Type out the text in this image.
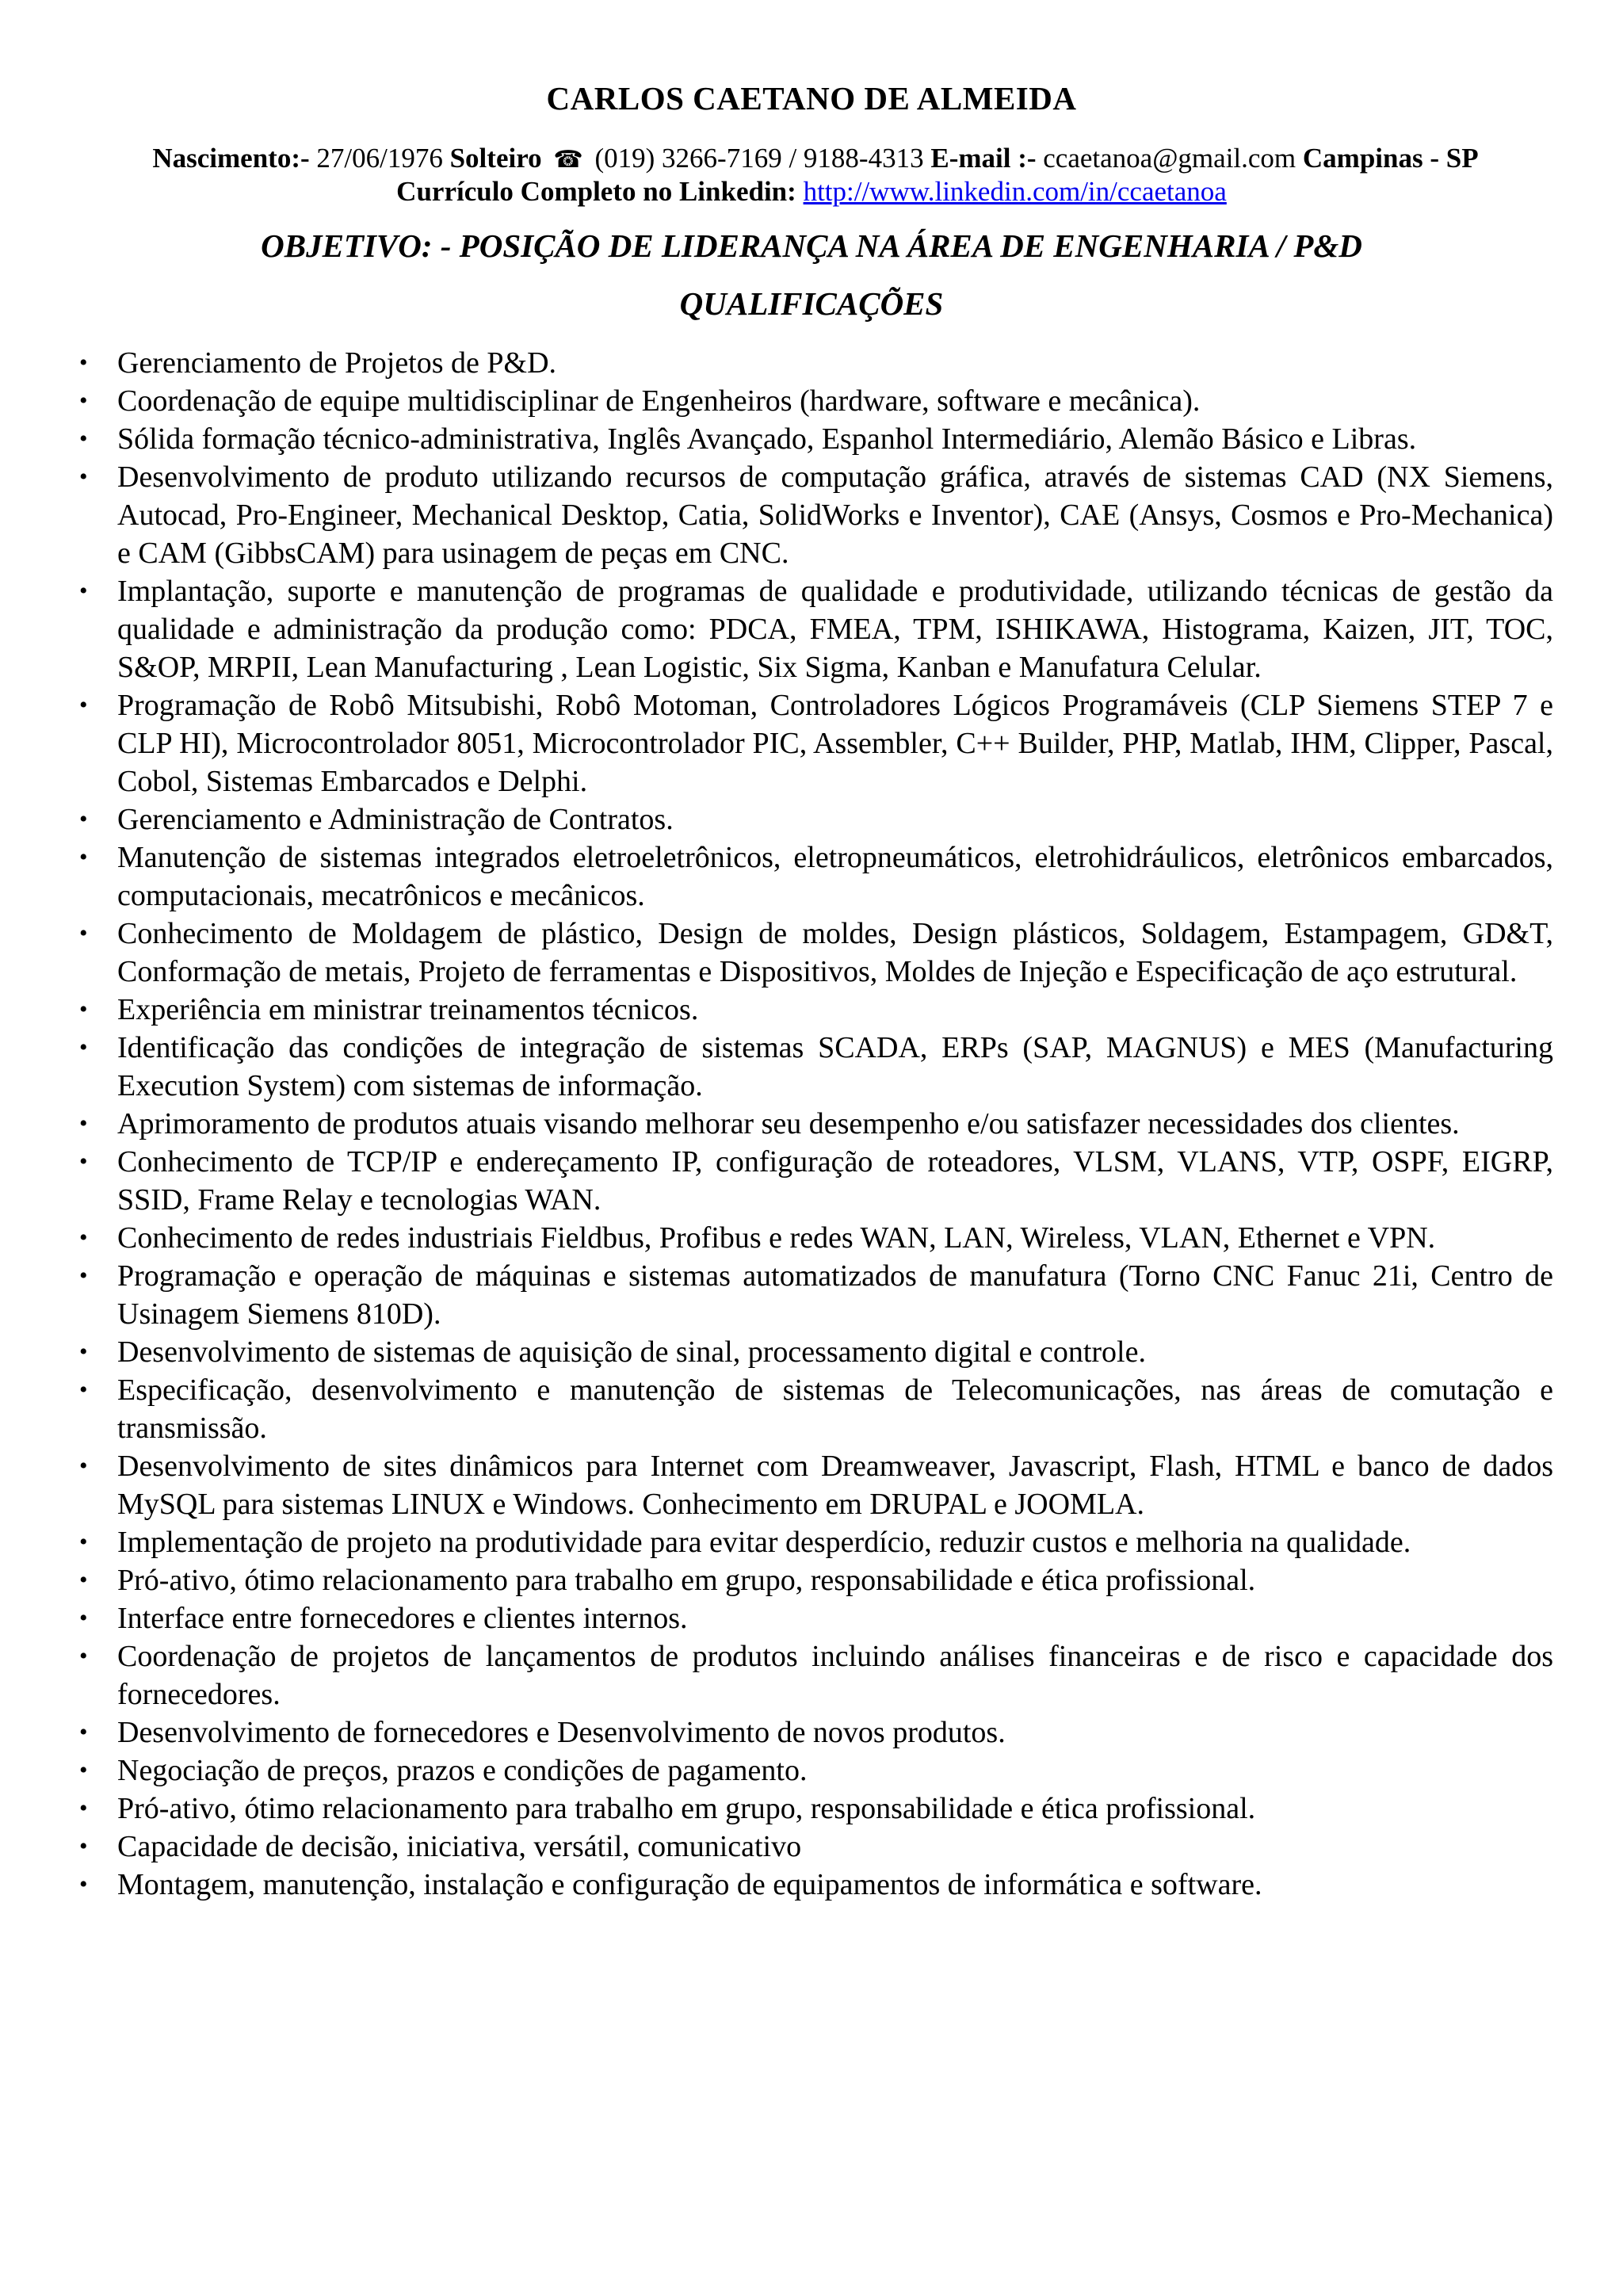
CARLOS CAETANO DE ALMEIDA
Nascimento:- 27/06/1976 Solteiro ☎ (019) 3266-7169 / 9188-4313 E-mail :- ccaetanoa@gmail.com Campinas - SP
Currículo Completo no Linkedin: http://www.linkedin.com/in/ccaetanoa
OBJETIVO: - POSIÇÃO DE LIDERANÇA NA ÁREA DE ENGENHARIA / P&D
QUALIFICAÇÕES
• Gerenciamento de Projetos de P&D.
• Coordenação de equipe multidisciplinar de Engenheiros (hardware, software e mecânica).
• Sólida formação técnico-administrativa, Inglês Avançado, Espanhol Intermediário, Alemão Básico e Libras.
• Desenvolvimento de produto utilizando recursos de computação gráfica, através de sistemas CAD (NX Siemens, Autocad, Pro-Engineer, Mechanical Desktop, Catia, SolidWorks e Inventor), CAE (Ansys, Cosmos e Pro-Mechanica) e CAM (GibbsCAM) para usinagem de peças em CNC.
• Implantação, suporte e manutenção de programas de qualidade e produtividade, utilizando técnicas de gestão da qualidade e administração da produção como: PDCA, FMEA, TPM, ISHIKAWA, Histograma, Kaizen, JIT, TOC, S&OP, MRPII, Lean Manufacturing , Lean Logistic, Six Sigma, Kanban e Manufatura Celular.
• Programação de Robô Mitsubishi, Robô Motoman, Controladores Lógicos Programáveis (CLP Siemens STEP 7 e CLP HI), Microcontrolador 8051, Microcontrolador PIC, Assembler, C++ Builder, PHP, Matlab, IHM, Clipper, Pascal, Cobol, Sistemas Embarcados e Delphi.
• Gerenciamento e Administração de Contratos.
• Manutenção de sistemas integrados eletroeletrônicos, eletropneumáticos, eletrohidráulicos, eletrônicos embarcados, computacionais, mecatrônicos e mecânicos.
• Conhecimento de Moldagem de plástico, Design de moldes, Design plásticos, Soldagem, Estampagem, GD&T, Conformação de metais, Projeto de ferramentas e Dispositivos, Moldes de Injeção e Especificação de aço estrutural.
• Experiência em ministrar treinamentos técnicos.
• Identificação das condições de integração de sistemas SCADA, ERPs (SAP, MAGNUS) e MES (Manufacturing Execution System) com sistemas de informação.
• Aprimoramento de produtos atuais visando melhorar seu desempenho e/ou satisfazer necessidades dos clientes.
• Conhecimento de TCP/IP e endereçamento IP, configuração de roteadores, VLSM, VLANS, VTP, OSPF, EIGRP, SSID, Frame Relay e tecnologias WAN.
• Conhecimento de redes industriais Fieldbus, Profibus e redes WAN, LAN, Wireless, VLAN, Ethernet e VPN.
• Programação e operação de máquinas e sistemas automatizados de manufatura (Torno CNC Fanuc 21i, Centro de Usinagem Siemens 810D).
• Desenvolvimento de sistemas de aquisição de sinal, processamento digital e controle.
• Especificação, desenvolvimento e manutenção de sistemas de Telecomunicações, nas áreas de comutação e transmissão.
• Desenvolvimento de sites dinâmicos para Internet com Dreamweaver, Javascript, Flash, HTML e banco de dados MySQL para sistemas LINUX e Windows. Conhecimento em DRUPAL e JOOMLA.
• Implementação de projeto na produtividade para evitar desperdício, reduzir custos e melhoria na qualidade.
• Pró-ativo, ótimo relacionamento para trabalho em grupo, responsabilidade e ética profissional.
• Interface entre fornecedores e clientes internos.
• Coordenação de projetos de lançamentos de produtos incluindo análises financeiras e de risco e capacidade dos fornecedores.
• Desenvolvimento de fornecedores e Desenvolvimento de novos produtos.
• Negociação de preços, prazos e condições de pagamento.
• Pró-ativo, ótimo relacionamento para trabalho em grupo, responsabilidade e ética profissional.
• Capacidade de decisão, iniciativa, versátil, comunicativo
• Montagem, manutenção, instalação e configuração de equipamentos de informática e software.
